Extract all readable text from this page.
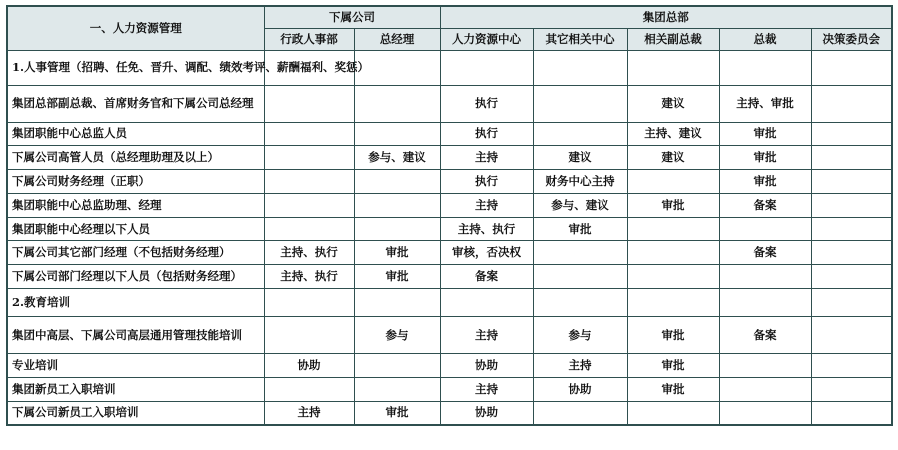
一、人力资源管理	下属公司		集团总部				
	行政人事部	总经理	人力资源中心	其它相关中心	相关副总裁	总裁	决策委员会
1.人事管理（招聘、任免、晋升、调配、绩效考评、薪酬福利、奖惩）							
集团总部副总裁、首席财务官和下属公司总经理			执行		建议	主持、审批	
集团职能中心总监人员			执行		主持、建议	审批	
下属公司高管人员（总经理助理及以上）		参与、建议	主持	建议	建议	审批	
下属公司财务经理（正职）			执行	财务中心主持		审批	
集团职能中心总监助理、经理			主持	参与、建议	审批	备案	
集团职能中心经理以下人员			主持、执行	审批			
下属公司其它部门经理（不包括财务经理）	主持、执行	审批	审核，否决权			备案	
下属公司部门经理以下人员（包括财务经理）	主持、执行	审批	备案				
2.教育培训							
集团中高层、下属公司高层通用管理技能培训		参与	主持	参与	审批	备案	
专业培训	协助		协助	主持	审批		
集团新员工入职培训			主持	协助	审批		
下属公司新员工入职培训	主持	审批	协助				
